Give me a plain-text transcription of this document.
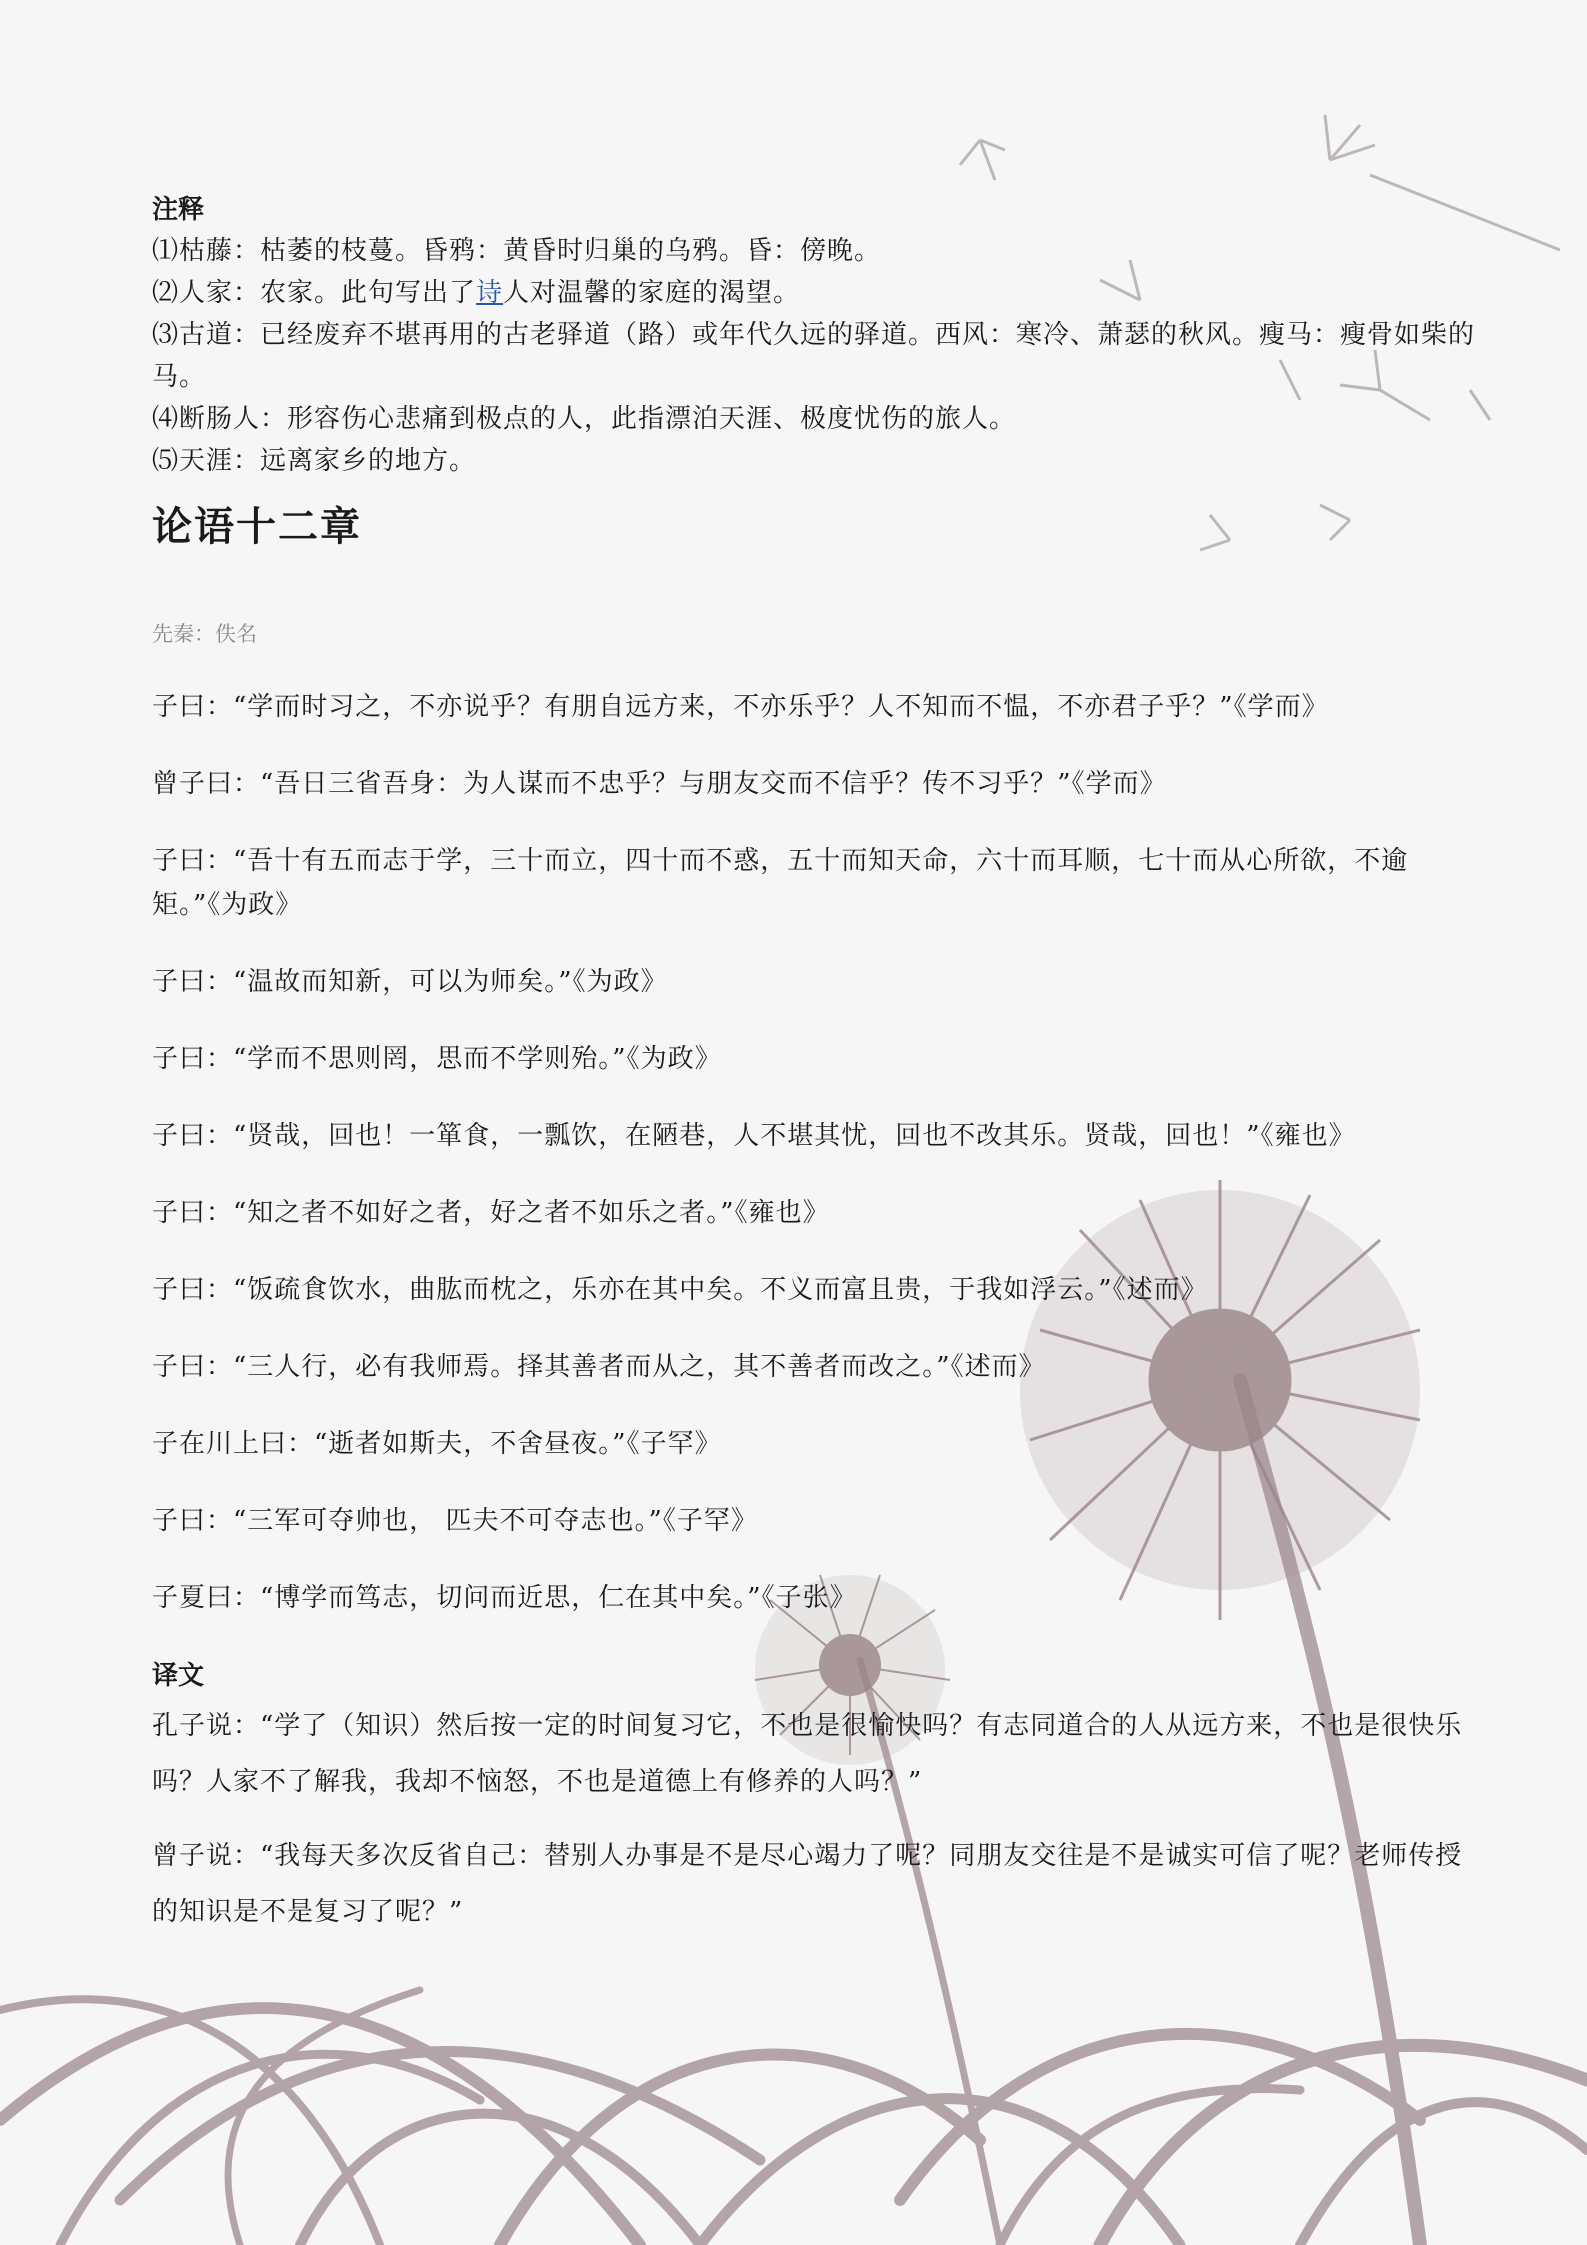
注释

⑴枯藤：枯萎的枝蔓。昏鸦：黄昏时归巢的乌鸦。昏：傍晚。

⑵人家：农家。此句写出了诗人对温馨的家庭的渴望。

⑶古道：已经废弃不堪再用的古老驿道（路）或年代久远的驿道。西风：寒冷、萧瑟的秋风。瘦马：瘦骨如柴的马。

⑷断肠人：形容伤心悲痛到极点的人，此指漂泊天涯、极度忧伤的旅人。

⑸天涯：远离家乡的地方。

论语十二章

先秦：佚名

子曰：“学而时习之，不亦说乎？有朋自远方来，不亦乐乎？人不知而不愠，不亦君子乎？”《学而》

曾子曰：“吾日三省吾身：为人谋而不忠乎？与朋友交而不信乎？传不习乎？”《学而》

子曰：“吾十有五而志于学，三十而立，四十而不惑，五十而知天命，六十而耳顺，七十而从心所欲，不逾矩。”《为政》

子曰：“温故而知新，可以为师矣。”《为政》

子曰：“学而不思则罔，思而不学则殆。”《为政》

子曰：“贤哉，回也！一箪食，一瓢饮，在陋巷，人不堪其忧，回也不改其乐。贤哉，回也！”《雍也》

子曰：“知之者不如好之者，好之者不如乐之者。”《雍也》

子曰：“饭疏食饮水，曲肱而枕之，乐亦在其中矣。不义而富且贵，于我如浮云。”《述而》

子曰：“三人行，必有我师焉。择其善者而从之，其不善者而改之。”《述而》

子在川上曰：“逝者如斯夫，不舍昼夜。”《子罕》

子曰：“三军可夺帅也， 匹夫不可夺志也。”《子罕》

子夏曰：“博学而笃志，切问而近思，仁在其中矣。”《子张》

译文

孔子说：“学了（知识）然后按一定的时间复习它，不也是很愉快吗？有志同道合的人从远方来，不也是很快乐吗？人家不了解我，我却不恼怒，不也是道德上有修养的人吗？”

曾子说：“我每天多次反省自己：替别人办事是不是尽心竭力了呢？同朋友交往是不是诚实可信了呢？老师传授的知识是不是复习了呢？”
